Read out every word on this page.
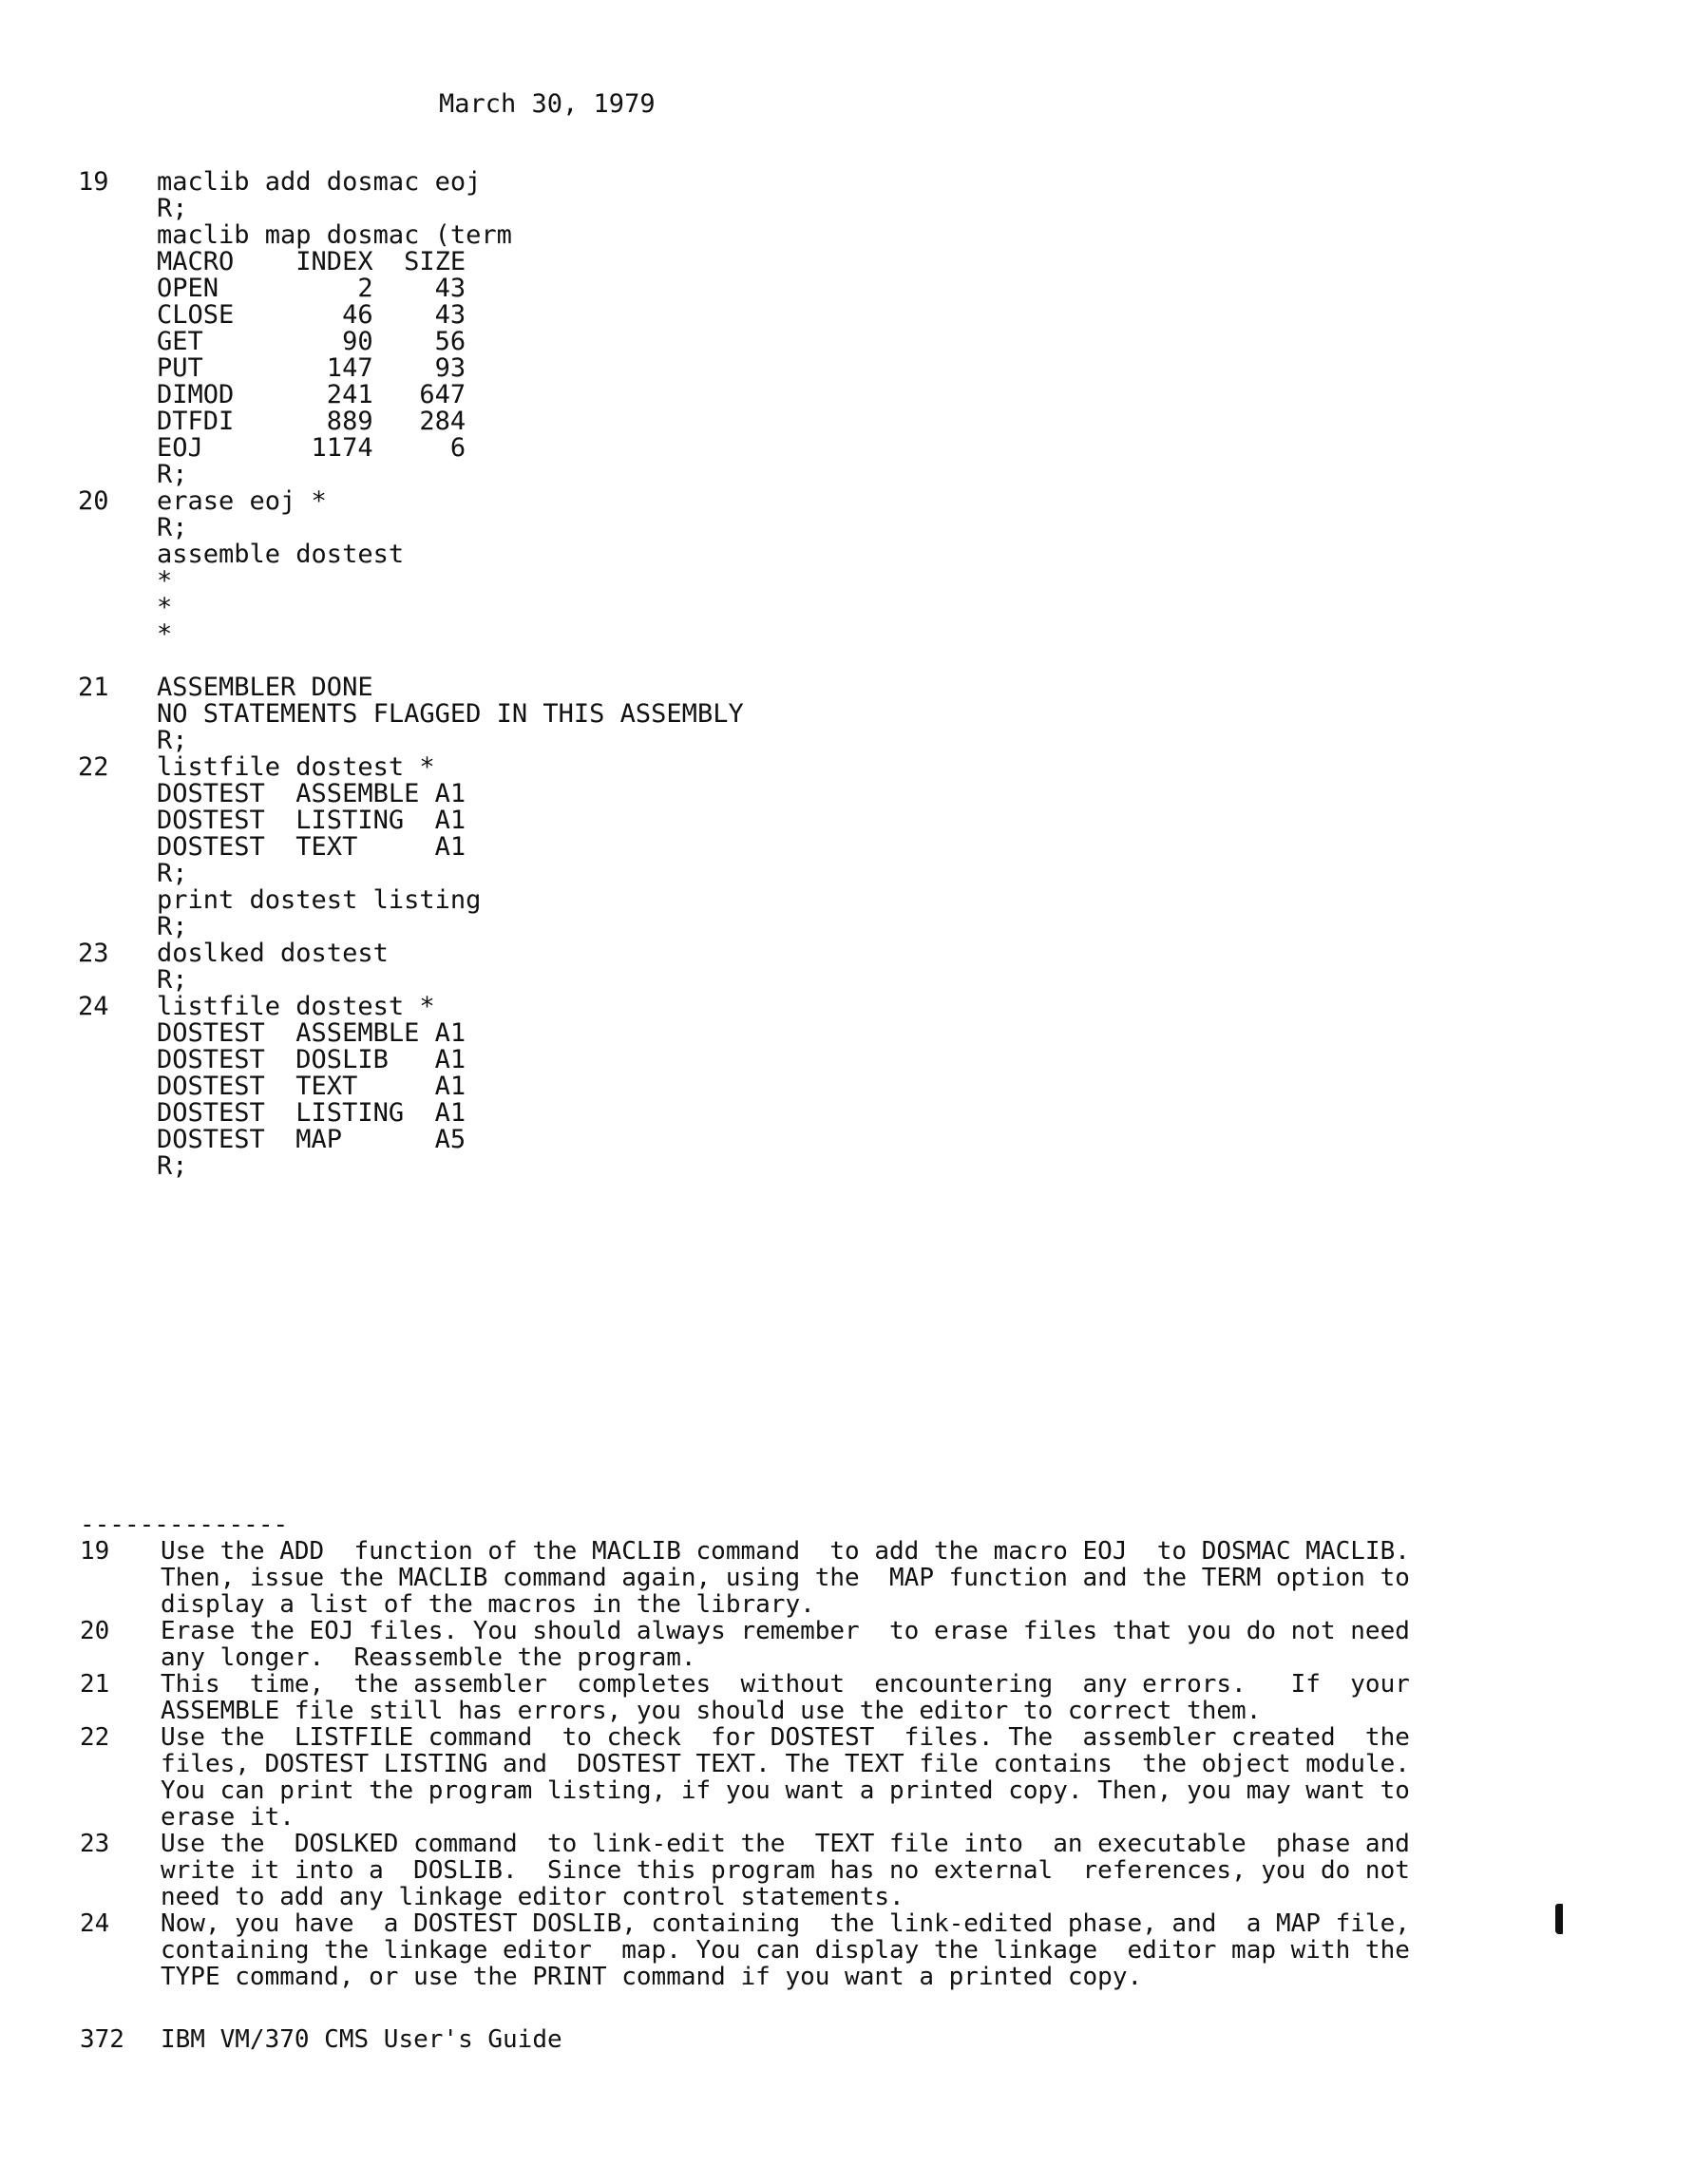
March 30, 1979
19	maclib add dosmac eoj
R;
maclib map dosmac (term
MACRO    INDEX  SIZE
OPEN         2    43
CLOSE       46    43
GET         90    56
PUT        147    93
DIMOD      241   647
DTFDI      889   284
EOJ       1174     6
R;
20	erase eoj *
R;
assemble dostest
*
*
*
21	ASSEMBLER DONE
NO STATEMENTS FLAGGED IN THIS ASSEMBLY
R;
22	listfile dostest *
DOSTEST  ASSEMBLE A1
DOSTEST  LISTING  A1
DOSTEST  TEXT     A1
R;
print dostest listing
R;
23	doslked dostest
R;
24	listfile dostest *
DOSTEST  ASSEMBLE A1
DOSTEST  DOSLIB   A1
DOSTEST  TEXT     A1
DOSTEST  LISTING  A1
DOSTEST  MAP      A5
R;
--------------
19	Use the ADD  function of the MACLIB command  to add the macro EOJ  to DOSMAC MACLIB.
Then, issue the MACLIB command again, using the  MAP function and the TERM option to
display a list of the macros in the library.
20	Erase the EOJ files. You should always remember  to erase files that you do not need
any longer.  Reassemble the program.
21	This  time,  the assembler  completes  without  encountering  any errors.   If  your
ASSEMBLE file still has errors, you should use the editor to correct them.
22	Use the  LISTFILE command  to check  for DOSTEST  files. The  assembler created  the
files, DOSTEST LISTING and  DOSTEST TEXT. The TEXT file contains  the object module.
You can print the program listing, if you want a printed copy. Then, you may want to
erase it.
23	Use the  DOSLKED command  to link-edit the  TEXT file into  an executable  phase and
write it into a  DOSLIB.  Since this program has no external  references, you do not
need to add any linkage editor control statements.
24	Now, you have  a DOSTEST DOSLIB, containing  the link-edited phase, and  a MAP file,
containing the linkage editor  map. You can display the linkage  editor map with the
TYPE command, or use the PRINT command if you want a printed copy.
372 IBM VM/370 CMS User's Guide
